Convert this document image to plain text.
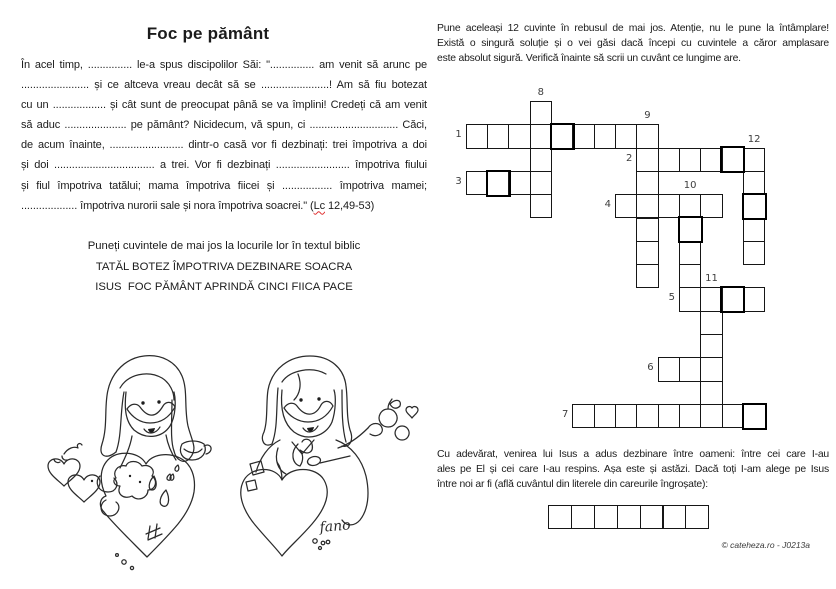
Foc pe pământ
În acel timp, ............... le-a spus discipolilor Săi: "............... am venit să arunc pe
....................... și ce altceva vreau decât să se .......................! Am să fiu botezat
cu un .................. și cât sunt de preocupat până se va împlini! Credeți că am venit
să aduc ..................... pe pământ? Nicidecum, vă spun, ci .............................. Căci,
de acum înainte, ......................... dintr-o casă vor fi dezbinați: trei împotriva a doi
și doi .................................. a trei. Vor fi dezbinați ......................... împotriva fiului
și fiul împotriva tatălui; mama împotriva fiicei și ................. împotriva mamei;
................... împotriva nurorii sale și nora împotriva soacrei." (Lc 12,49-53)
Puneți cuvintele de mai jos la locurile lor în textul biblic
TATĂL BOTEZ ÎMPOTRIVA DEZBINARE SOACRA
ISUS  FOC PĂMÂNT APRINDĂ CINCI FIICA PACE
Pune aceleași 12 cuvinte în rebusul de mai jos. Atenție, nu le pune la întâmplare!
Există o singură soluție și o vei găsi dacă începi cu cuvintele a căror amplasare
este absolut sigură. Verifică înainte să scrii un cuvânt ce lungime are.
1
2
3
4
5
6
7
8
9
10
11
12
Cu adevărat, venirea lui Isus a adus dezbinare între oameni: între cei care I-au
ales pe El și cei care I-au respins. Așa este și astăzi. Dacă toți I-am alege pe Isus
între noi ar fi (află cuvântul din literele din careurile îngroșate):
© cateheza.ro - J0213a
fano
